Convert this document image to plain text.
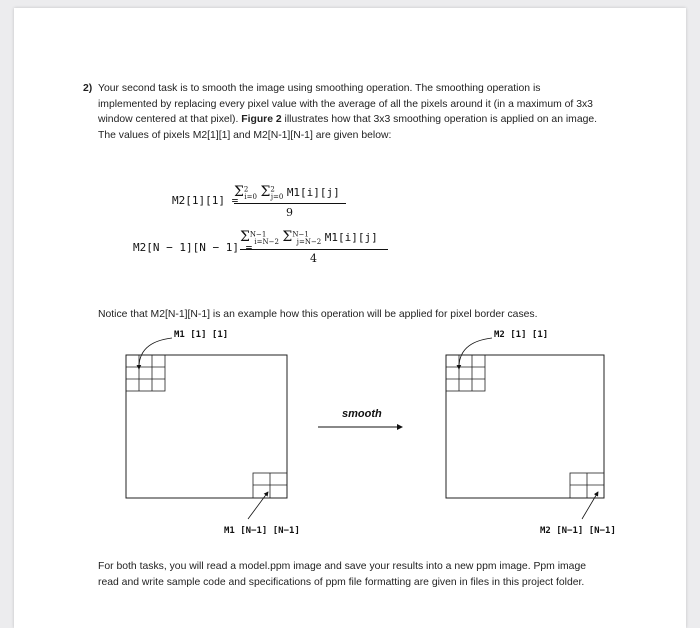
2) Your second task is to smooth the image using smoothing operation. The smoothing operation is implemented by replacing every pixel value with the average of all the pixels around it (in a maximum of 3x3 window centered at that pixel). Figure 2 illustrates how that 3x3 smoothing operation is applied on an image. The values of pixels M2[1][1] and M2[N-1][N-1] are given below:
M2[1][1] =
$\Sigma^2_{i=0}$ $\Sigma^2_{j=0}$ M1[i][j]
9
M2[N − 1][N − 1] =
$\Sigma^{N-1}_{i=N-2}$ $\Sigma^{N-1}_{j=N-2}$ M1[i][j]
4
Notice that M2[N-1][N-1] is an example how this operation will be applied for pixel border cases.
M1 [1] [1]	M2 [1] [1]
M1 [N−1] [N−1]	M2 [N−1] [N−1]
smooth
For both tasks, you will read a model.ppm image and save your results into a new ppm image. Ppm image read and write sample code and specifications of ppm file formatting are given in files in this project folder.
